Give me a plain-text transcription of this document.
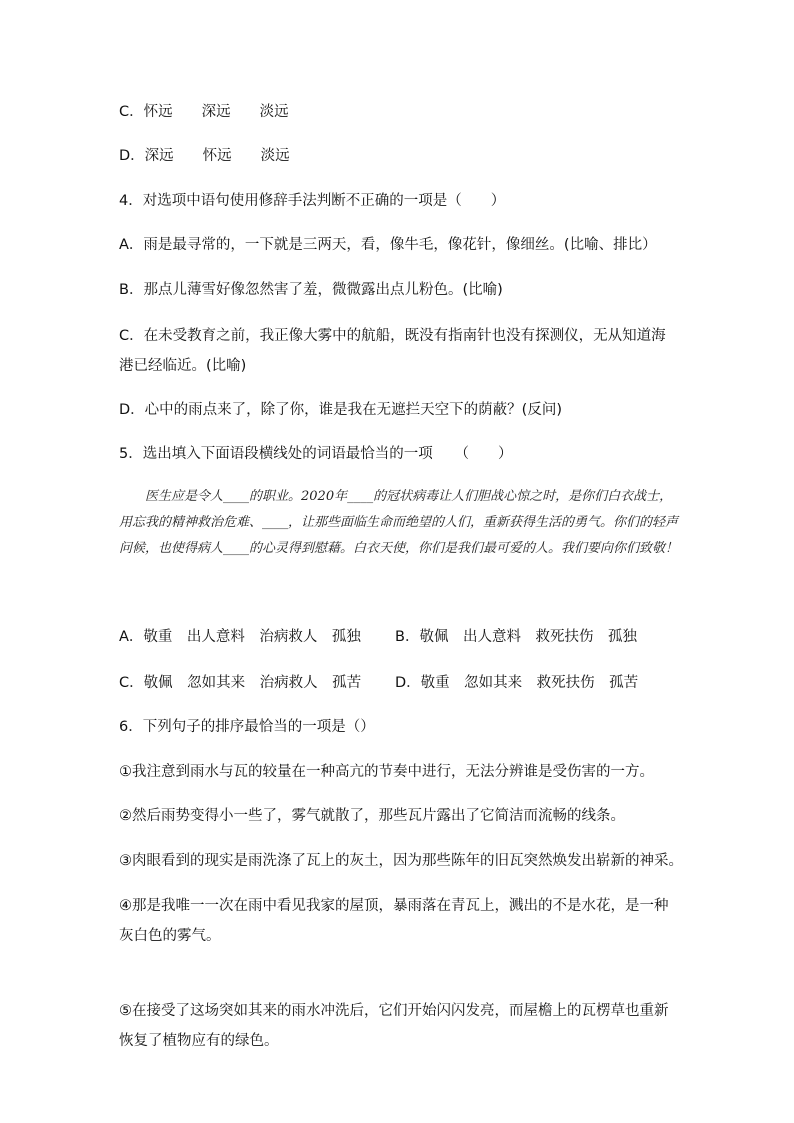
C．怀远　　深远　　淡远
D．深远　　怀远　　淡远
4．对选项中语句使用修辞手法判断不正确的一项是（　　）
A．雨是最寻常的，一下就是三两天，看，像牛毛，像花针，像细丝。(比喻、排比）
B．那点儿薄雪好像忽然害了羞，微微露出点儿粉色。(比喻)
C．在未受教育之前，我正像大雾中的航船，既没有指南针也没有探测仪，无从知道海港已经临近。(比喻)
D．心中的雨点来了，除了你，谁是我在无遮拦天空下的荫蔽？(反问)
5．选出填入下面语段横线处的词语最恰当的一项　　（　　）
医生应是令人____的职业。2020年____的冠状病毒让人们胆战心惊之时，是你们白衣战士，用忘我的精神救治危难、____，让那些面临生命而绝望的人们，重新获得生活的勇气。你们的轻声问候，也使得病人____的心灵得到慰藉。白衣天使，你们是我们最可爱的人。我们要向你们致敬！
A．敬重　出人意料　治病救人　孤独 B．敬佩　出人意料　救死扶伤　孤独
C．敬佩　忽如其来　治病救人　孤苦 D．敬重　忽如其来　救死扶伤　孤苦
6．下列句子的排序最恰当的一项是（）
①我注意到雨水与瓦的较量在一种高亢的节奏中进行，无法分辨谁是受伤害的一方。
②然后雨势变得小一些了，雾气就散了，那些瓦片露出了它简洁而流畅的线条。
③肉眼看到的现实是雨洗涤了瓦上的灰土，因为那些陈年的旧瓦突然焕发出崭新的神采。
④那是我唯一一次在雨中看见我家的屋顶，暴雨落在青瓦上，溅出的不是水花，是一种灰白色的雾气。
⑤在接受了这场突如其来的雨水冲洗后，它们开始闪闪发亮，而屋檐上的瓦楞草也重新恢复了植物应有的绿色。
